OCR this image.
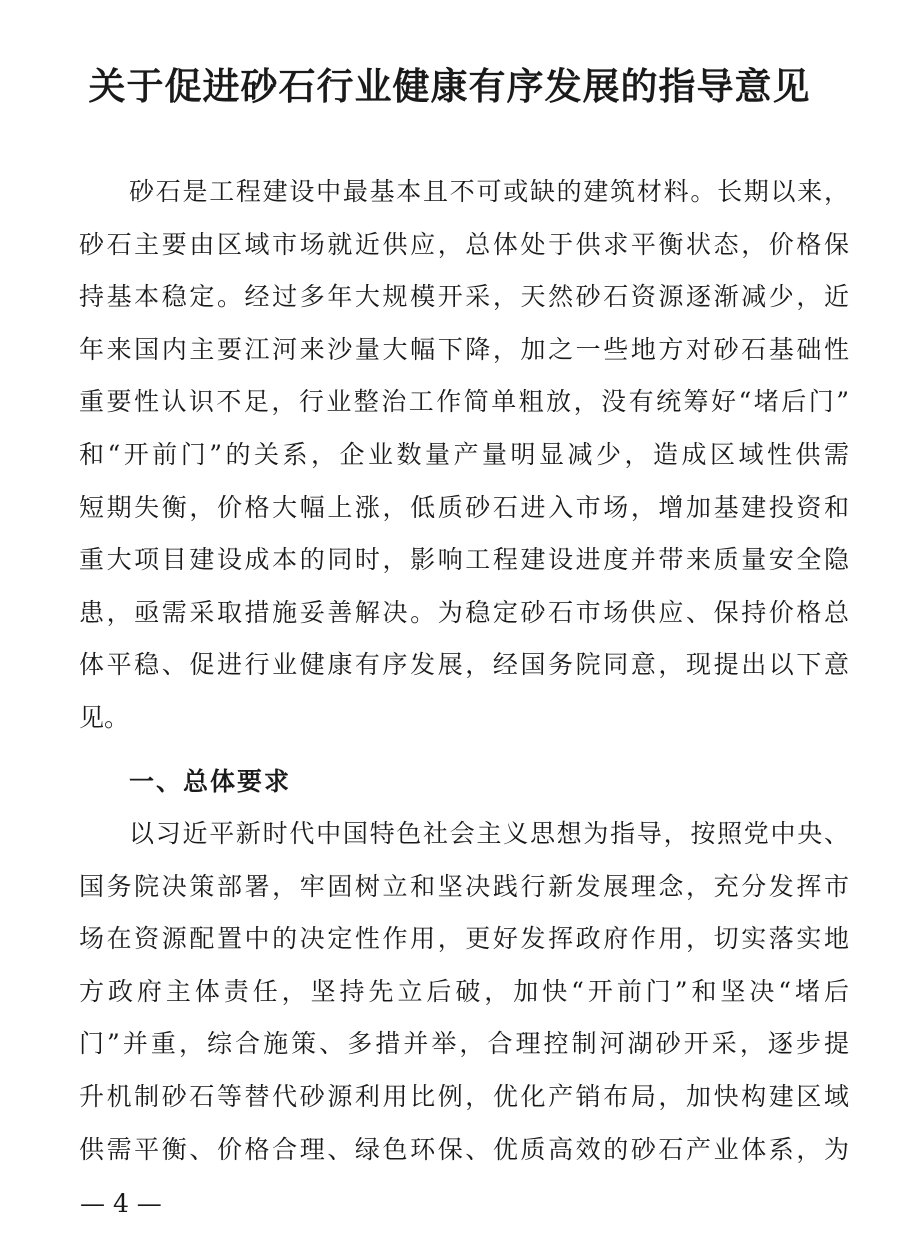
关于促进砂石行业健康有序发展的指导意见
砂石是工程建设中最基本且不可或缺的建筑材料。长期以来，
砂石主要由区域市场就近供应，总体处于供求平衡状态，价格保
持基本稳定。经过多年大规模开采，天然砂石资源逐渐减少，近
年来国内主要江河来沙量大幅下降，加之一些地方对砂石基础性
重要性认识不足，行业整治工作简单粗放，没有统筹好“堵后门”
和“开前门”的关系，企业数量产量明显减少，造成区域性供需
短期失衡，价格大幅上涨，低质砂石进入市场，增加基建投资和
重大项目建设成本的同时，影响工程建设进度并带来质量安全隐
患，亟需采取措施妥善解决。为稳定砂石市场供应、保持价格总
体平稳、促进行业健康有序发展，经国务院同意，现提出以下意
见。
一、总体要求
以习近平新时代中国特色社会主义思想为指导，按照党中央、
国务院决策部署，牢固树立和坚决践行新发展理念，充分发挥市
场在资源配置中的决定性作用，更好发挥政府作用，切实落实地
方政府主体责任，坚持先立后破，加快“开前门”和坚决“堵后
门”并重，综合施策、多措并举，合理控制河湖砂开采，逐步提
升机制砂石等替代砂源利用比例，优化产销布局，加快构建区域
供需平衡、价格合理、绿色环保、优质高效的砂石产业体系，为
— 4 —
